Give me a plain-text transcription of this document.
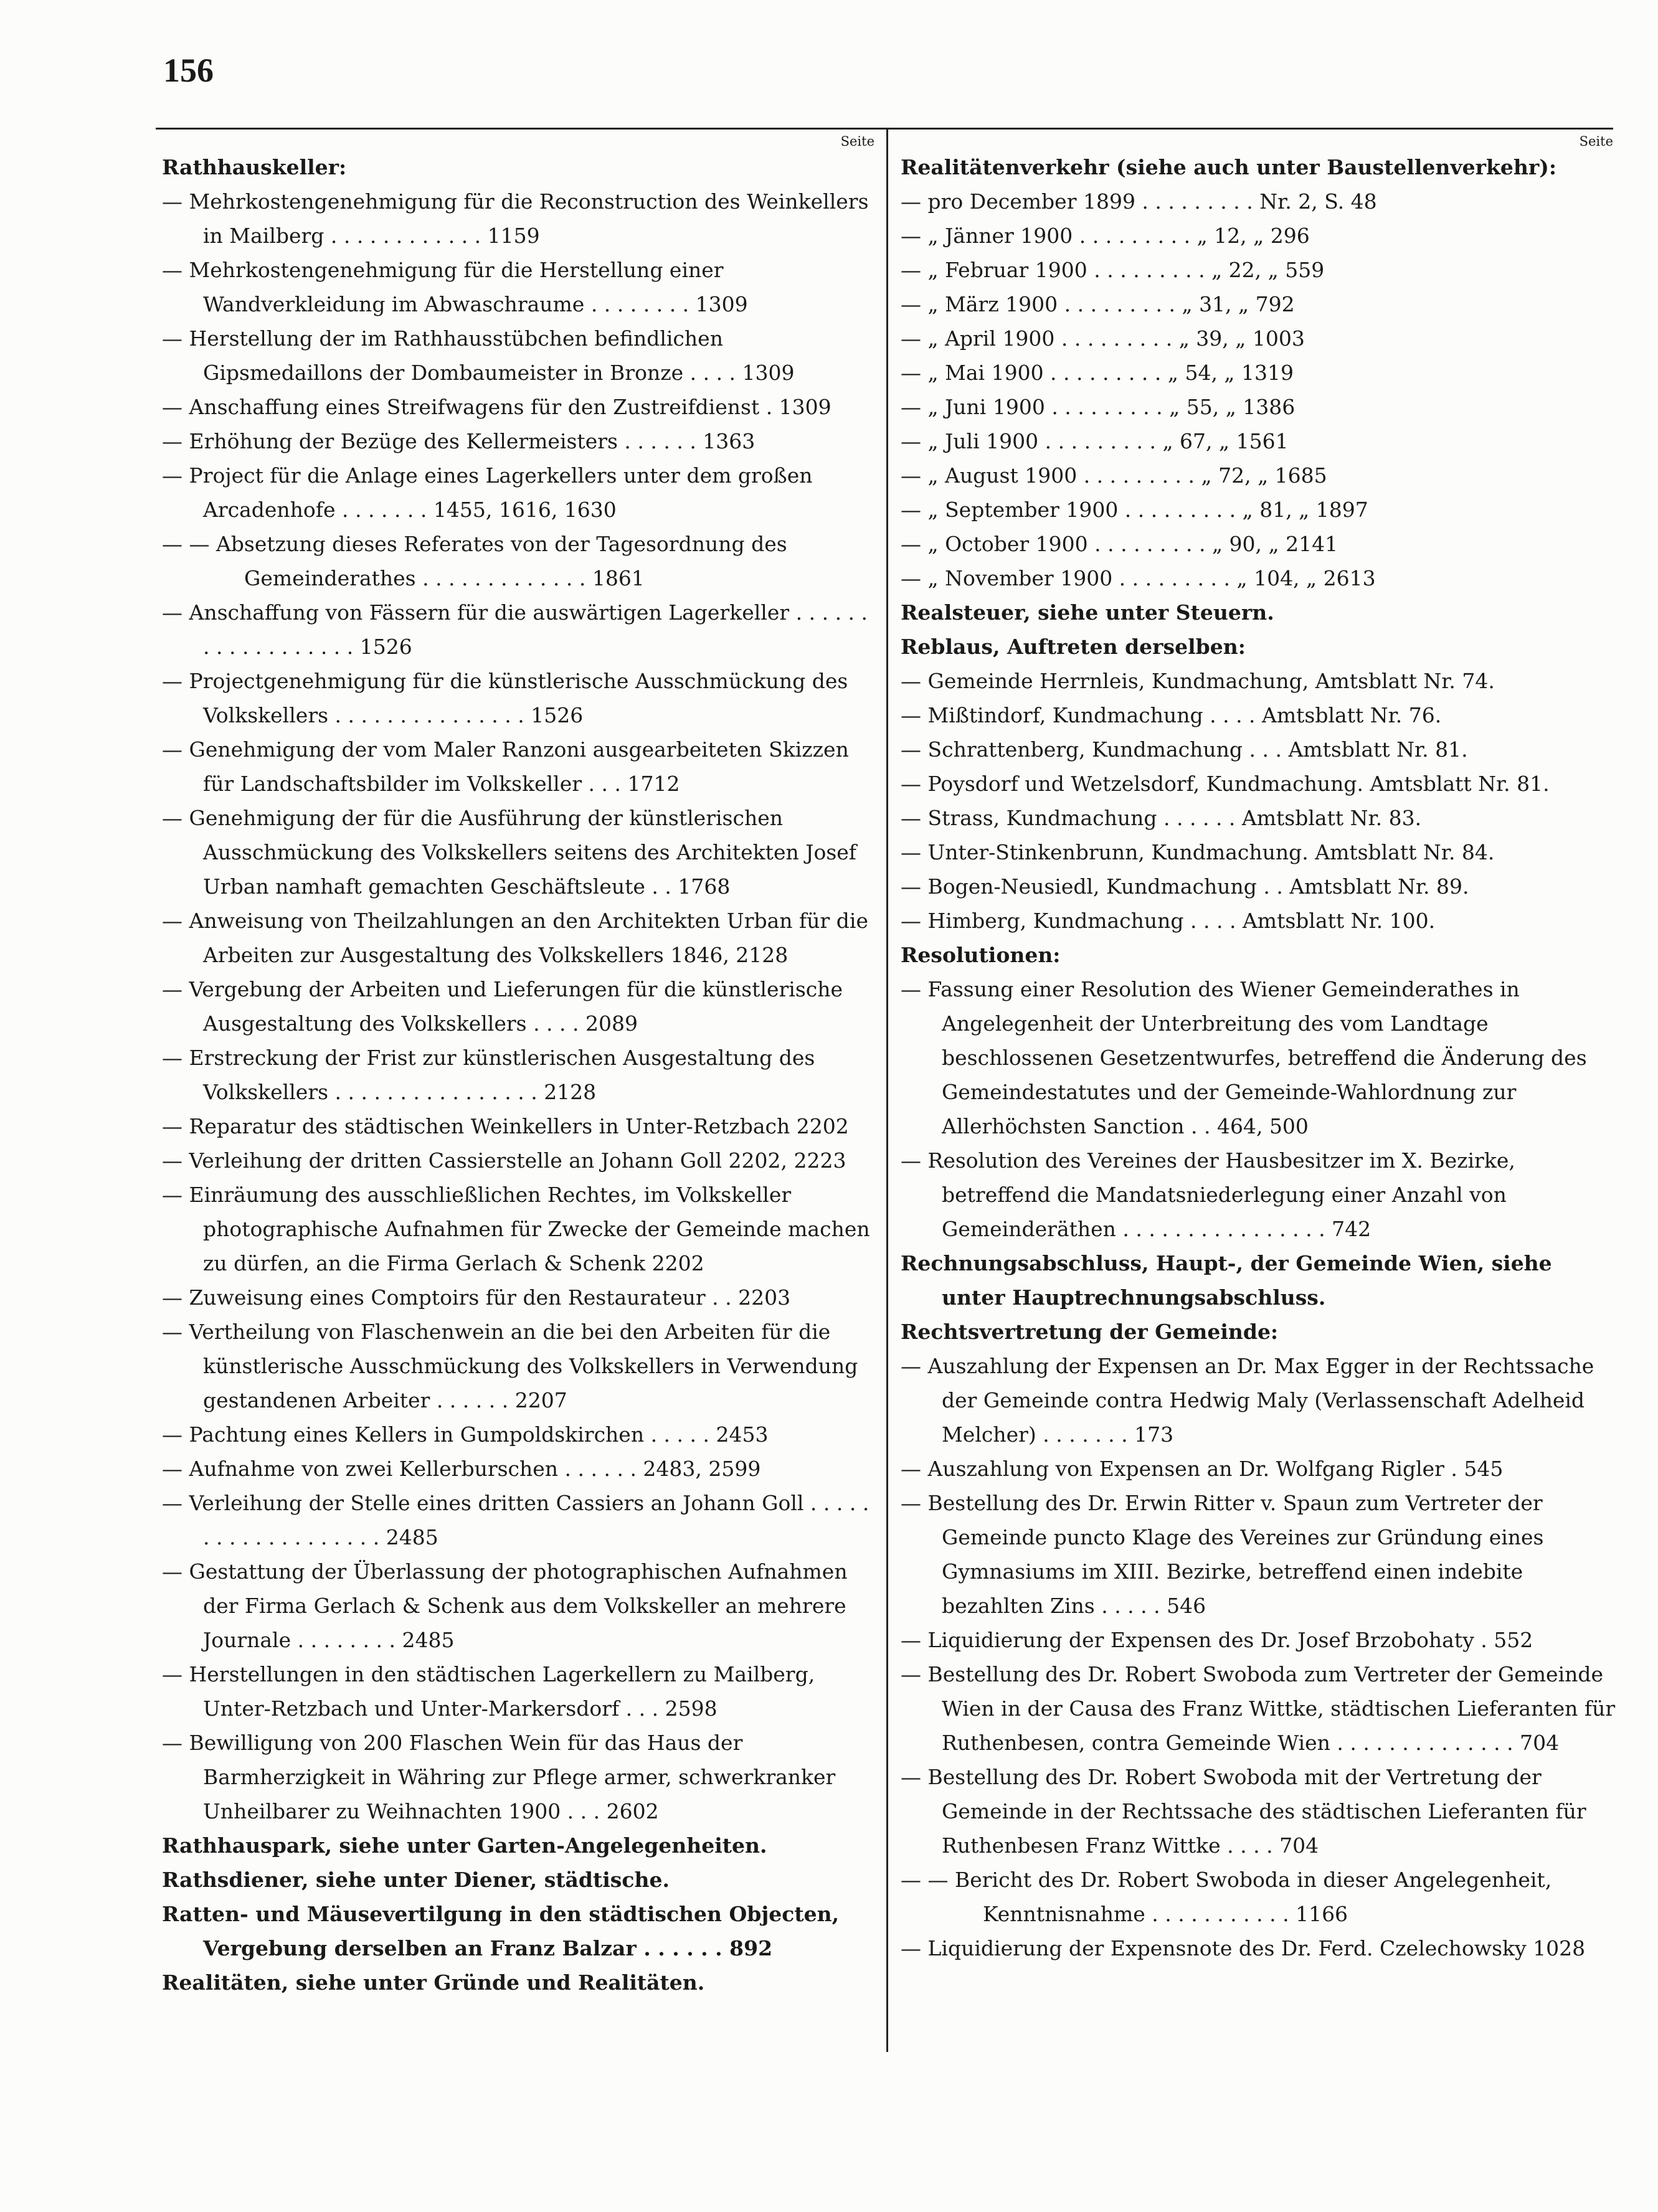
156
Seite
Rathhauskeller:
— Mehrkostengenehmigung für die Reconstruction des Weinkellers in Mailberg . . . . . . . . . . . . 1159
— Mehrkostengenehmigung für die Herstellung einer Wandverkleidung im Abwaschraume . . . . . . . . 1309
— Herstellung der im Rathhausstübchen befindlichen Gipsmedaillons der Dombaumeister in Bronze . . . . 1309
— Anschaffung eines Streifwagens für den Zustreifdienst . 1309
— Erhöhung der Bezüge des Kellermeisters . . . . . . 1363
— Project für die Anlage eines Lagerkellers unter dem großen Arcadenhofe . . . . . . . 1455, 1616, 1630
— — Absetzung dieses Referates von der Tagesordnung des Gemeinderathes . . . . . . . . . . . . . 1861
— Anschaffung von Fässern für die auswärtigen Lagerkeller . . . . . . . . . . . . . . . . . . 1526
— Projectgenehmigung für die künstlerische Ausschmückung des Volkskellers . . . . . . . . . . . . . . . 1526
— Genehmigung der vom Maler Ranzoni ausgearbeiteten Skizzen für Landschaftsbilder im Volkskeller . . . 1712
— Genehmigung der für die Ausführung der künstlerischen Ausschmückung des Volkskellers seitens des Architekten Josef Urban namhaft gemachten Geschäftsleute . . 1768
— Anweisung von Theilzahlungen an den Architekten Urban für die Arbeiten zur Ausgestaltung des Volkskellers 1846, 2128
— Vergebung der Arbeiten und Lieferungen für die künstlerische Ausgestaltung des Volkskellers . . . . 2089
— Erstreckung der Frist zur künstlerischen Ausgestaltung des Volkskellers . . . . . . . . . . . . . . . . 2128
— Reparatur des städtischen Weinkellers in Unter-Retzbach 2202
— Verleihung der dritten Cassierstelle an Johann Goll 2202, 2223
— Einräumung des ausschließlichen Rechtes, im Volkskeller photographische Aufnahmen für Zwecke der Gemeinde machen zu dürfen, an die Firma Gerlach & Schenk 2202
— Zuweisung eines Comptoirs für den Restaurateur . . 2203
— Vertheilung von Flaschenwein an die bei den Arbeiten für die künstlerische Ausschmückung des Volkskellers in Verwendung gestandenen Arbeiter . . . . . . 2207
— Pachtung eines Kellers in Gumpoldskirchen . . . . . 2453
— Aufnahme von zwei Kellerburschen . . . . . . 2483, 2599
— Verleihung der Stelle eines dritten Cassiers an Johann Goll . . . . . . . . . . . . . . . . . . . 2485
— Gestattung der Überlassung der photographischen Aufnahmen der Firma Gerlach & Schenk aus dem Volkskeller an mehrere Journale . . . . . . . . 2485
— Herstellungen in den städtischen Lagerkellern zu Mailberg, Unter-Retzbach und Unter-Markersdorf . . . 2598
— Bewilligung von 200 Flaschen Wein für das Haus der Barmherzigkeit in Währing zur Pflege armer, schwerkranker Unheilbarer zu Weihnachten 1900 . . . 2602
Rathhauspark, siehe unter Garten-Angelegenheiten.
Rathsdiener, siehe unter Diener, städtische.
Ratten- und Mäusevertilgung in den städtischen Objecten, Vergebung derselben an Franz Balzar . . . . . . 892
Realitäten, siehe unter Gründe und Realitäten.
Seite
Realitätenverkehr (siehe auch unter Baustellenverkehr):
— pro December 1899 . . . . . . . . . Nr. 2, S. 48
— „ Jänner 1900 . . . . . . . . . „ 12, „ 296
— „ Februar 1900 . . . . . . . . . „ 22, „ 559
— „ März 1900 . . . . . . . . . „ 31, „ 792
— „ April 1900 . . . . . . . . . „ 39, „ 1003
— „ Mai 1900 . . . . . . . . . „ 54, „ 1319
— „ Juni 1900 . . . . . . . . . „ 55, „ 1386
— „ Juli 1900 . . . . . . . . . „ 67, „ 1561
— „ August 1900 . . . . . . . . . „ 72, „ 1685
— „ September 1900 . . . . . . . . . „ 81, „ 1897
— „ October 1900 . . . . . . . . . „ 90, „ 2141
— „ November 1900 . . . . . . . . . „ 104, „ 2613
Realsteuer, siehe unter Steuern.
Reblaus, Auftreten derselben:
— Gemeinde Herrnleis, Kundmachung, Amtsblatt Nr. 74.
— Mißtindorf, Kundmachung . . . . Amtsblatt Nr. 76.
— Schrattenberg, Kundmachung . . . Amtsblatt Nr. 81.
— Poysdorf und Wetzelsdorf, Kundmachung. Amtsblatt Nr. 81.
— Strass, Kundmachung . . . . . . Amtsblatt Nr. 83.
— Unter-Stinkenbrunn, Kundmachung. Amtsblatt Nr. 84.
— Bogen-Neusiedl, Kundmachung . . Amtsblatt Nr. 89.
— Himberg, Kundmachung . . . . Amtsblatt Nr. 100.
Resolutionen:
— Fassung einer Resolution des Wiener Gemeinderathes in Angelegenheit der Unterbreitung des vom Landtage beschlossenen Gesetzentwurfes, betreffend die Änderung des Gemeindestatutes und der Gemeinde-Wahlordnung zur Allerhöchsten Sanction . . 464, 500
— Resolution des Vereines der Hausbesitzer im X. Bezirke, betreffend die Mandatsniederlegung einer Anzahl von Gemeinderäthen . . . . . . . . . . . . . . . . 742
Rechnungsabschluss, Haupt-, der Gemeinde Wien, siehe unter Hauptrechnungsabschluss.
Rechtsvertretung der Gemeinde:
— Auszahlung der Expensen an Dr. Max Egger in der Rechtssache der Gemeinde contra Hedwig Maly (Verlassenschaft Adelheid Melcher) . . . . . . . 173
— Auszahlung von Expensen an Dr. Wolfgang Rigler . 545
— Bestellung des Dr. Erwin Ritter v. Spaun zum Vertreter der Gemeinde puncto Klage des Vereines zur Gründung eines Gymnasiums im XIII. Bezirke, betreffend einen indebite bezahlten Zins . . . . . 546
— Liquidierung der Expensen des Dr. Josef Brzobohaty . 552
— Bestellung des Dr. Robert Swoboda zum Vertreter der Gemeinde Wien in der Causa des Franz Wittke, städtischen Lieferanten für Ruthenbesen, contra Gemeinde Wien . . . . . . . . . . . . . . 704
— Bestellung des Dr. Robert Swoboda mit der Vertretung der Gemeinde in der Rechtssache des städtischen Lieferanten für Ruthenbesen Franz Wittke . . . . 704
— — Bericht des Dr. Robert Swoboda in dieser Angelegenheit, Kenntnisnahme . . . . . . . . . . . 1166
— Liquidierung der Expensnote des Dr. Ferd. Czelechowsky 1028
